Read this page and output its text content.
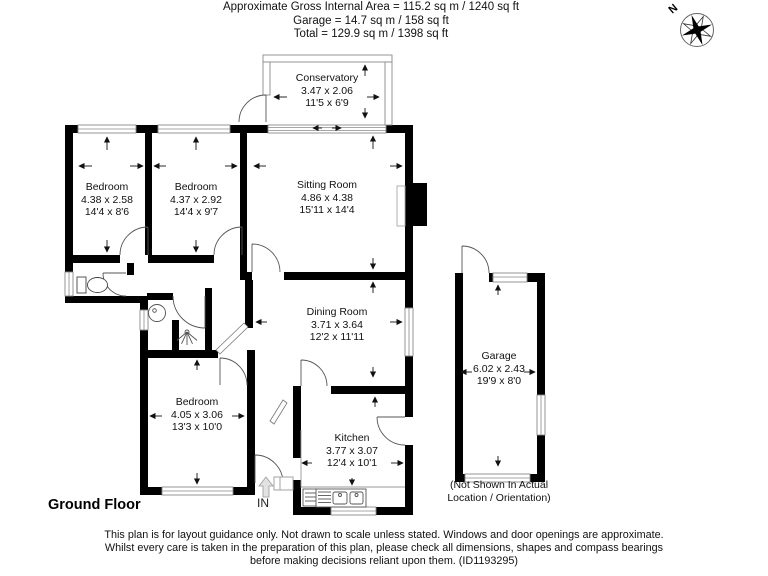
N
Approximate Gross Internal Area = 115.2 sq m / 1240 sq ft
Garage = 14.7 sq m / 158 sq ft
Total = 129.9 sq m / 1398 sq ft
Conservatory
3.47 x 2.06
11'5 x 6'9
Bedroom
4.38 x 2.58
14'4 x 8'6
Bedroom
4.37 x 2.92
14'4 x 9'7
Sitting Room
4.86 x 4.38
15'11 x 14'4
Dining Room
3.71 x 3.64
12'2 x 11'11
Bedroom
4.05 x 3.06
13'3 x 10'0
Kitchen
3.77 x 3.07
12'4 x 10'1
Garage
6.02 x 2.43
19'9 x 8'0
(Not Shown In Actual
Location / Orientation)
Ground Floor	IN
This plan is for layout guidance only. Not drawn to scale unless stated. Windows and door openings are approximate.
Whilst every care is taken in the preparation of this plan, please check all dimensions, shapes and compass bearings
before making decisions reliant upon them. (ID1193295)
